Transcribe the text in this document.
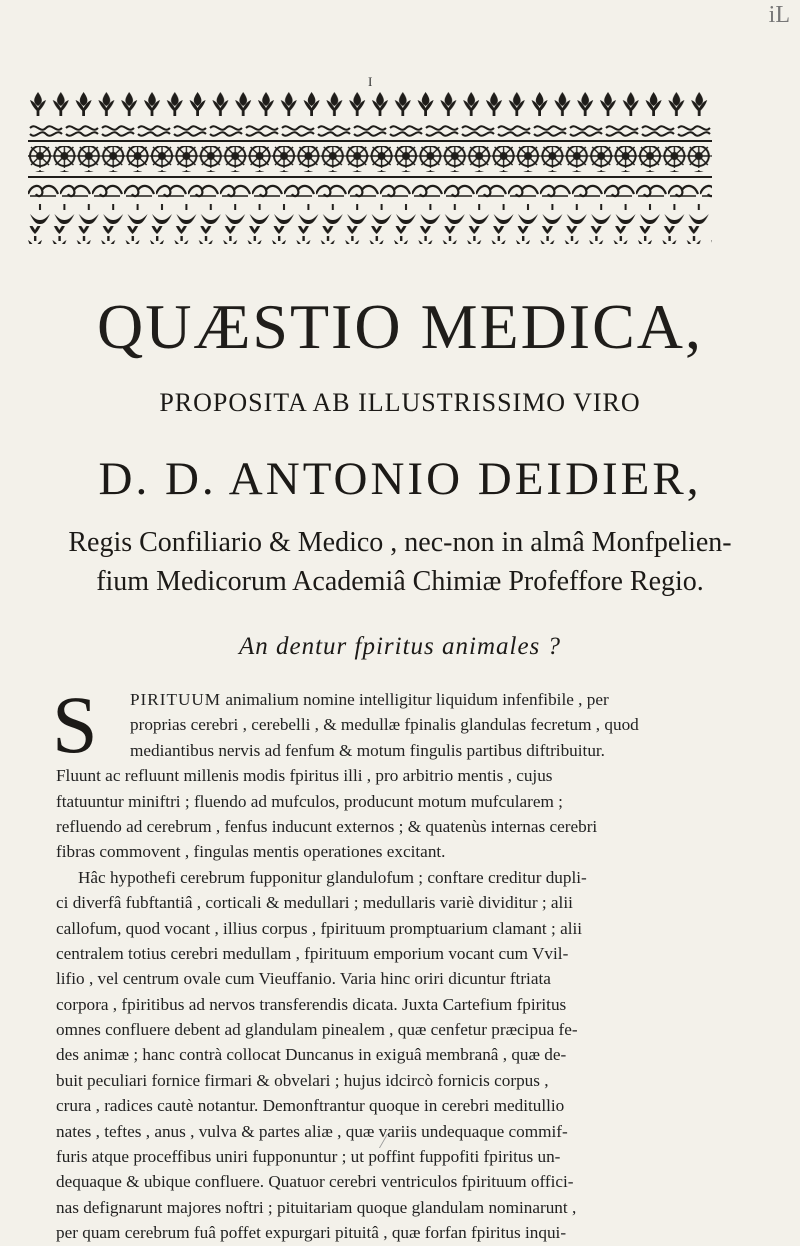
iL
I
QUÆSTIO MEDICA,
PROPOSITA AB ILLUSTRISSIMO VIRO
D. D. ANTONIO DEIDIER,
Regis Confiliario & Medico , nec-non in almâ Monfpelien-
fium Medicorum Academiâ Chimiæ Profeffore Regio.
An dentur fpiritus animales ?
S	PIRITUUM animalium nomine intelligitur liquidum infenfibile , per
proprias cerebri , cerebelli , & medullæ fpinalis glandulas fecretum , quod
mediantibus nervis ad fenfum & motum fingulis partibus diftribuitur.
Fluunt ac refluunt millenis modis fpiritus illi , pro arbitrio mentis , cujus
ftatuuntur miniftri ; fluendo ad mufculos, producunt motum mufcularem ;
refluendo ad cerebrum , fenfus inducunt externos ; & quatenùs internas cerebri
fibras commovent , fingulas mentis operationes excitant.
Hâc hypothefi cerebrum fupponitur glandulofum ; conftare creditur dupli-
ci diverfâ fubftantiâ , corticali & medullari ; medullaris variè dividitur ; alii
callofum, quod vocant , illius corpus , fpirituum promptuarium clamant ; alii
centralem totius cerebri medullam , fpirituum emporium vocant cum Vvil-
lifio , vel centrum ovale cum Vieuffanio. Varia hinc oriri dicuntur ftriata
corpora , fpiritibus ad nervos transferendis dicata. Juxta Cartefium fpiritus
omnes confluere debent ad glandulam pinealem , quæ cenfetur præcipua fe-
des animæ ; hanc contrà collocat Duncanus in exiguâ membranâ , quæ de-
buit peculiari fornice firmari & obvelari ; hujus idcircò fornicis corpus ,
crura , radices cautè notantur. Demonftrantur quoque in cerebri meditullio
nates , teftes , anus , vulva & partes aliæ , quæ variis undequaque commif-
furis atque proceffibus uniri fupponuntur ; ut poffint fuppofiti fpiritus un-
dequaque & ubique confluere. Quatuor cerebri ventriculos fpirituum offici-
nas defignarunt majores noftri ; pituitariam quoque glandulam nominarunt ,
per quam cerebrum fuâ poffet expurgari pituitâ , quæ forfan fpiritus inqui-
